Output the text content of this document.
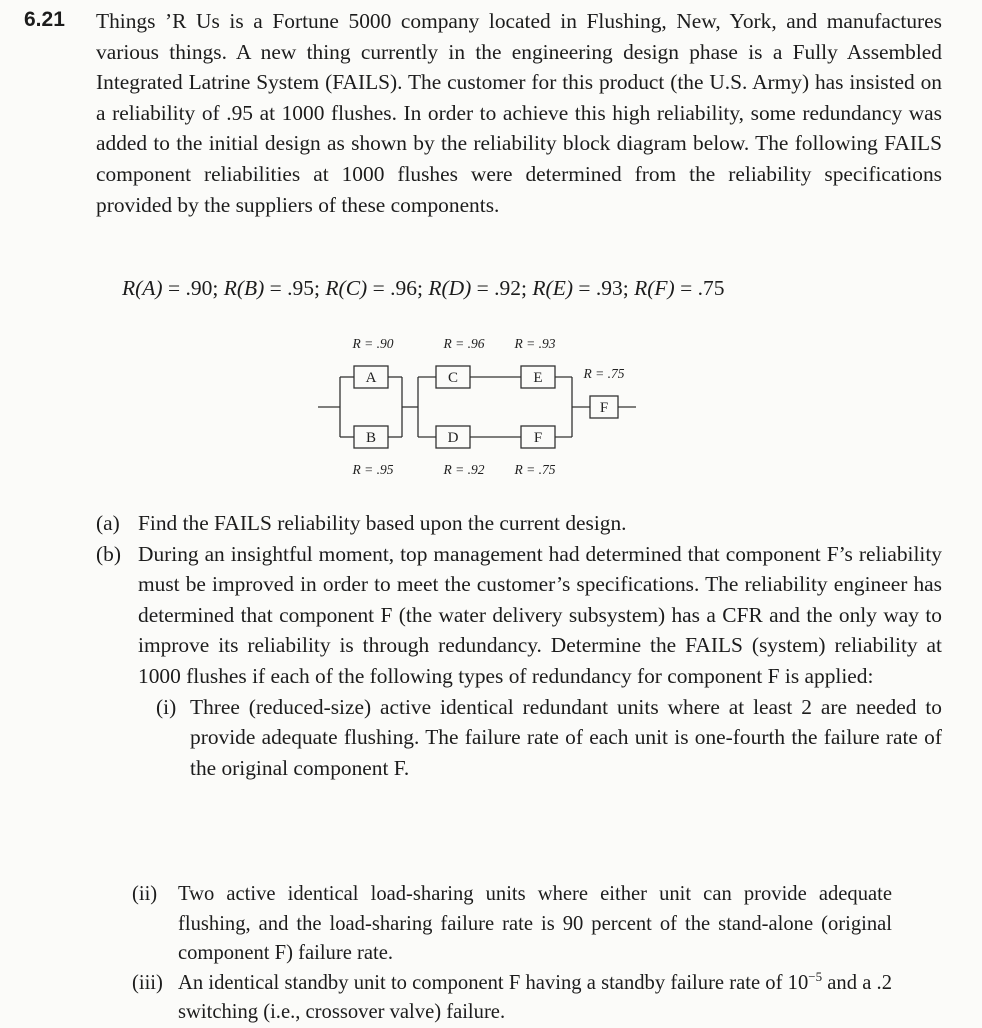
6.21 Things ’R Us is a Fortune 5000 company located in Flushing, New, York, and manufactures various things. A new thing currently in the engineering design phase is a Fully Assembled Integrated Latrine System (FAILS). The customer for this product (the U.S. Army) has insisted on a reliability of .95 at 1000 flushes. In order to achieve this high reliability, some redundancy was added to the initial design as shown by the reliability block diagram below. The following FAILS component reliabilities at 1000 flushes were determined from the reliability specifications provided by the suppliers of these components.

R(A) = .90; R(B) = .95; R(C) = .96; R(D) = .92; R(E) = .93; R(F) = .75

A
B
C
D
E
F
F
R = .90
R = .95
R = .96
R = .92
R = .93
R = .75
R = .75
(a) Find the FAILS reliability based upon the current design.
(b) During an insightful moment, top management had determined that component F’s reliability must be improved in order to meet the customer’s specifications. The reliability engineer has determined that component F (the water delivery subsystem) has a CFR and the only way to improve its reliability is through redundancy. Determine the FAILS (system) reliability at 1000 flushes if each of the following types of redundancy for component F is applied:
(i) Three (reduced-size) active identical redundant units where at least 2 are needed to provide adequate flushing. The failure rate of each unit is one-fourth the failure rate of the original component F.
(ii) Two active identical load-sharing units where either unit can provide adequate flushing, and the load-sharing failure rate is 90 percent of the stand-alone (original component F) failure rate.
(iii) An identical standby unit to component F having a standby failure rate of $10^{-5}$ and a .2 switching (i.e., crossover valve) failure.
